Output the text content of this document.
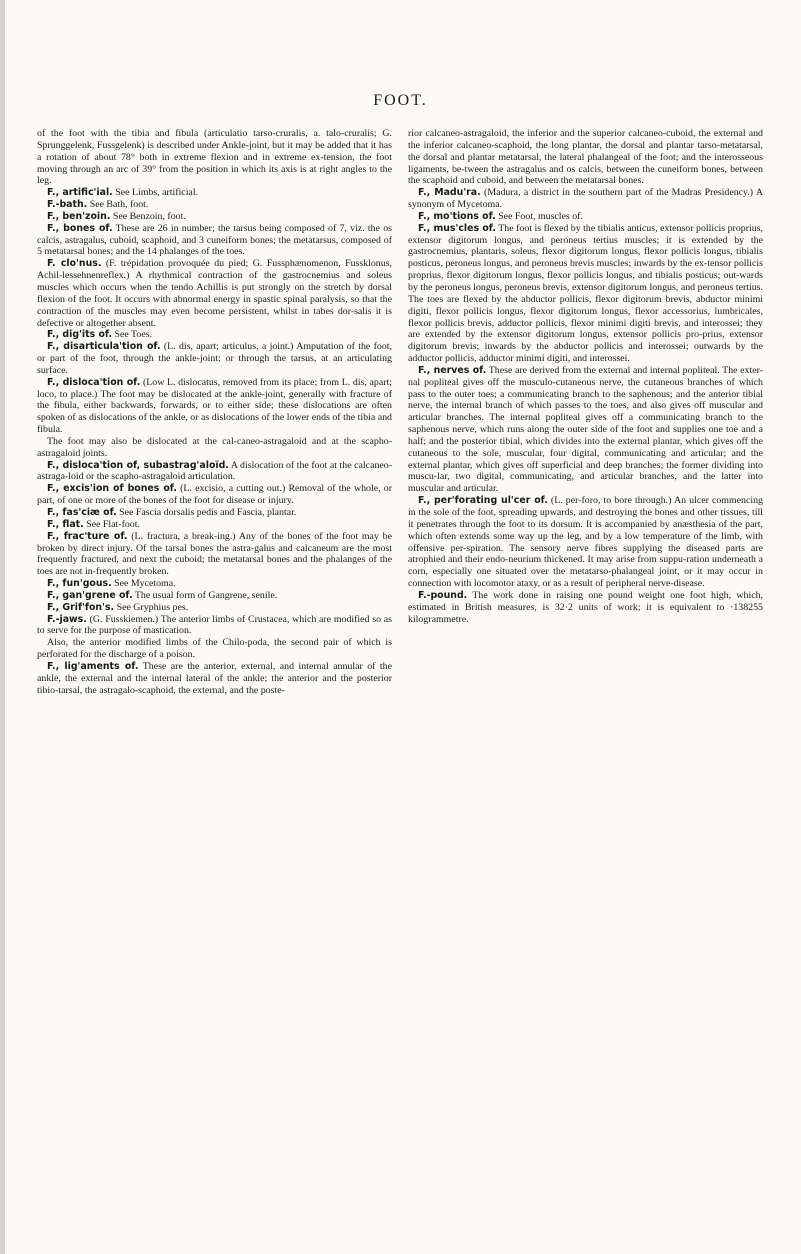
FOOT.

of the foot with the tibia and fibula (articulatio tarso-cruralis, a. talo-cruralis; G. Sprunggelenk, Fussgelenk) is described under Ankle-joint, but it may be added that it has a rotation of about 78° both in extreme flexion and in extreme ex-tension, the foot moving through an arc of 39° from the position in which its axis is at right angles to the leg.

F., artific'ial. See Limbs, artificial.

F.-bath. See Bath, foot.

F., ben'zoin. See Benzoin, foot.

F., bones of. These are 26 in number; the tarsus being composed of 7, viz. the os calcis, astragalus, cuboid, scaphoid, and 3 cuneiform bones; the metatarsus, composed of 5 metatarsal bones; and the 14 phalanges of the toes.

F. clo'nus. (F. trépidation provoquée du pied; G. Fussphænomenon, Fussklonus, Achil-lessehnenreflex.) A rhythmical contraction of the gastrocnemius and soleus muscles which occurs when the tendo Achillis is put strongly on the stretch by dorsal flexion of the foot. It occurs with abnormal energy in spastic spinal paralysis, so that the contraction of the muscles may even become persistent, whilst in tabes dor-salis it is defective or altogether absent.

F., dig'its of. See Toes.

F., disarticula'tion of. (L. dis, apart; articulus, a joint.) Amputation of the foot, or part of the foot, through the ankle-joint; or through the tarsus, at an articulating surface.

F., disloca'tion of. (Low L. dislocatus, removed from its place; from L. dis, apart; loco, to place.) The foot may be dislocated at the ankle-joint, generally with fracture of the fibula, either backwards, forwards, or to either side; these dislocations are often spoken of as dislocations of the ankle, or as dislocations of the lower ends of the tibia and fibula.

The foot may also be dislocated at the cal-caneo-astragaloid and at the scapho-astragaloid joints.

F., disloca'tion of, subastrag'aloïd. A dislocation of the foot at the calcaneo-astraga-loid or the scapho-astragaloid articulation.

F., excis'ion of bones of. (L. excisio, a cutting out.) Removal of the whole, or part, of one or more of the bones of the foot for disease or injury.

F., fas'ciæ of. See Fascia dorsalis pedis and Fascia, plantar.

F., flat. See Flat-foot.

F., frac'ture of. (L. fractura, a break-ing.) Any of the bones of the foot may be broken by direct injury. Of the tarsal bones the astra-galus and calcaneum are the most frequently fractured, and next the cuboid; the metatarsal bones and the phalanges of the toes are not in-frequently broken.

F., fun'gous. See Mycetoma.

F., gan'grene of. The usual form of Gangrene, senile.

F., Grif'fon's. See Gryphius pes.

F.-jaws. (G. Fusskiemen.) The anterior limbs of Crustacea, which are modified so as to serve for the purpose of mastication.

Also, the anterior modified limbs of the Chilo-poda, the second pair of which is perforated for the discharge of a poison.

F., lig'aments of. These are the anterior, external, and internal annular of the ankle, the external and the internal lateral of the ankle; the anterior and the posterior tibio-tarsal, the astragalo-scaphoid, the external, and the poste-

rior calcaneo-astragaloid, the inferior and the superior calcaneo-cuboid, the external and the inferior calcaneo-scaphoid, the long plantar, the dorsal and plantar tarso-metatarsal, the dorsal and plantar metatarsal, the lateral phalangeal of the foot; and the interosseous ligaments, be-tween the astragalus and os calcis, between the cuneiform bones, between the scaphoid and cuboid, and between the metatarsal bones.

F., Madu'ra. (Madura, a district in the southern part of the Madras Presidency.) A synonym of Mycetoma.

F., mo'tions of. See Foot, muscles of.

F., mus'cles of. The foot is flexed by the tibialis anticus, extensor pollicis proprius, extensor digitorum longus, and peroneus tertius muscles; it is extended by the gastrocnemius, plantaris, soleus, flexor digitorum longus, flexor pollicis longus, tibialis posticus, peroneus longus, and peroneus brevis muscles; inwards by the ex-tensor pollicis proprius, flexor digitorum longus, flexor pollicis longus, and tibialis posticus; out-wards by the peroneus longus, peroneus brevis, extensor digitorum longus, and peroneus tertius. The toes are flexed by the abductor pollicis, flexor digitorum brevis, abductor minimi digiti, flexor pollicis longus, flexor digitorum longus, flexor accessorius, lumbricales, flexor pollicis brevis, adductor pollicis, flexor minimi digiti brevis, and interossei; they are extended by the extensor digitorum longus, extensor pollicis pro-prius, extensor digitorum brevis; inwards by the abductor pollicis and interossei; outwards by the adductor pollicis, adductor minimi digiti, and interossei.

F., nerves of. These are derived from the external and internal popliteal. The exter-nal popliteal gives off the musculo-cutaneous nerve, the cutaneous branches of which pass to the outer toes; a communicating branch to the saphenous; and the anterior tibial nerve, the internal branch of which passes to the toes, and also gives off muscular and articular branches. The internal popliteal gives off a communicating branch to the saphenous nerve, which runs along the outer side of the foot and supplies one toe and a half; and the posterior tibial, which divides into the external plantar, which gives off the cutaneous to the sole, muscular, four digital, communicating and articular; and the external plantar, which gives off superficial and deep branches; the former dividing into muscu-lar, two digital, communicating, and articular branches, and the latter into muscular and articular.

F., per'forating ul'cer of. (L. per-foro, to bore through.) An ulcer commencing in the sole of the foot, spreading upwards, and destroying the bones and other tissues, till it penetrates through the foot to its dorsum. It is accompanied by anæsthesia of the part, which often extends some way up the leg, and by a low temperature of the limb, with offensive per-spiration. The sensory nerve fibres supplying the diseased parts are atrophied and their endo-neurium thickened. It may arise from suppu-ration underneath a corn, especially one situated over the metatarso-phalangeal joint, or it may occur in connection with locomotor ataxy, or as a result of peripheral nerve-disease.

F.-pound. The work done in raising one pound weight one foot high, which, estimated in British measures, is 32·2 units of work; it is equivalent to ·138255 kilogrammetre.
